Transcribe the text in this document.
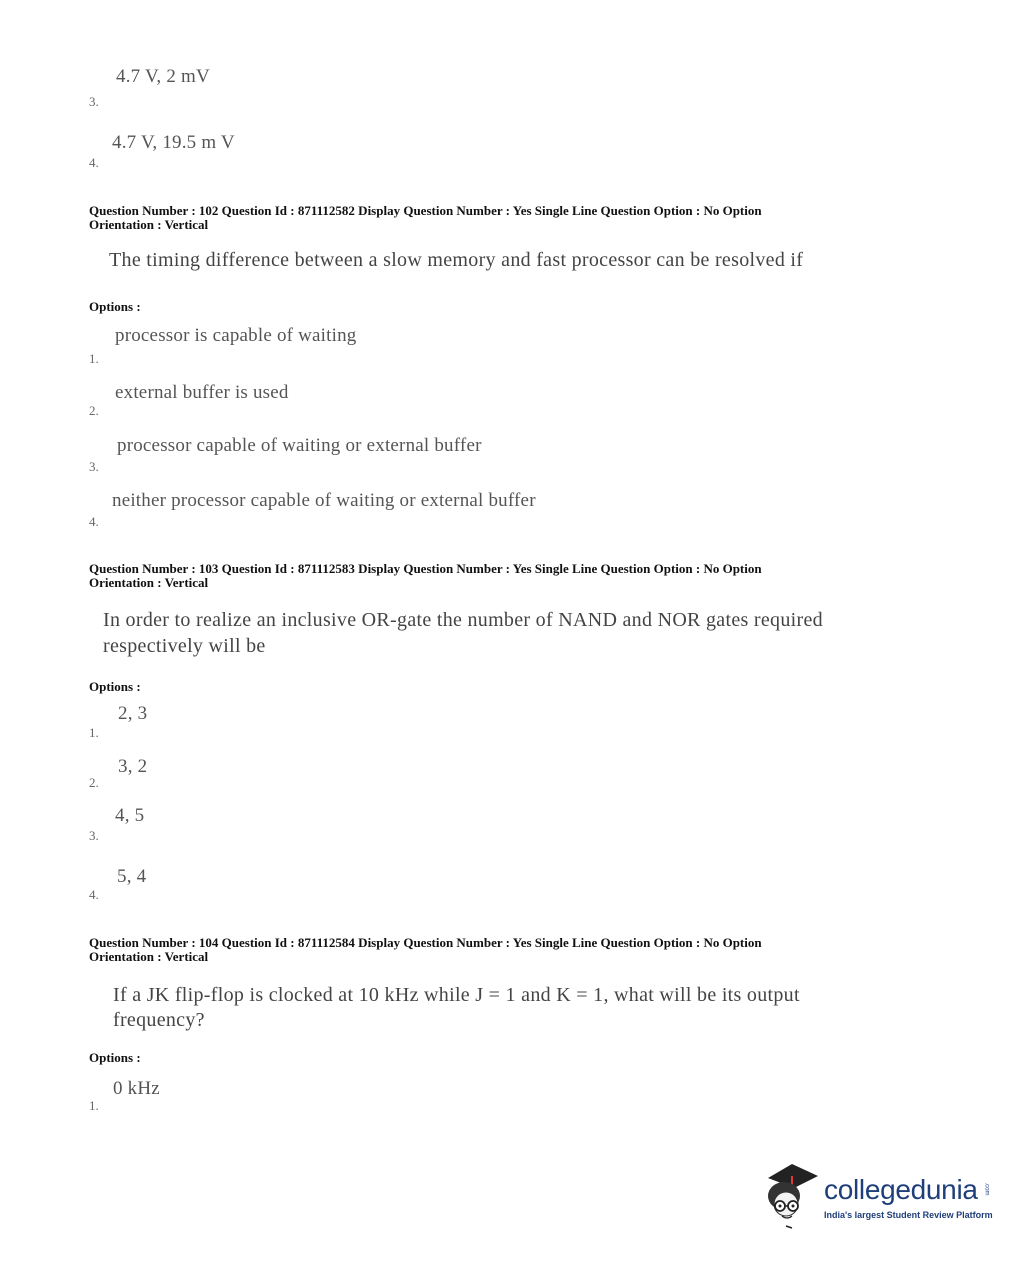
4.7 V, 2 mV
3.
4.7 V, 19.5 m V
4.
Question Number : 102 Question Id : 871112582 Display Question Number : Yes Single Line Question Option : No Option
Orientation : Vertical
The timing difference between a slow memory and fast processor can be resolved if
Options :
processor is capable of waiting
1.
external buffer is used
2.
processor capable of waiting or external buffer
3.
neither processor capable of waiting or external buffer
4.
Question Number : 103 Question Id : 871112583 Display Question Number : Yes Single Line Question Option : No Option
Orientation : Vertical
In order to realize an inclusive OR-gate the number of NAND and NOR gates required
respectively will be
Options :
2, 3
1.
3, 2
2.
4, 5
3.
5, 4
4.
Question Number : 104 Question Id : 871112584 Display Question Number : Yes Single Line Question Option : No Option
Orientation : Vertical
If a JK flip-flop is clocked at 10 kHz while J = 1 and K = 1, what will be its output
frequency?
Options :
0 kHz
1.
collegedunia .com
India's largest Student Review Platform
